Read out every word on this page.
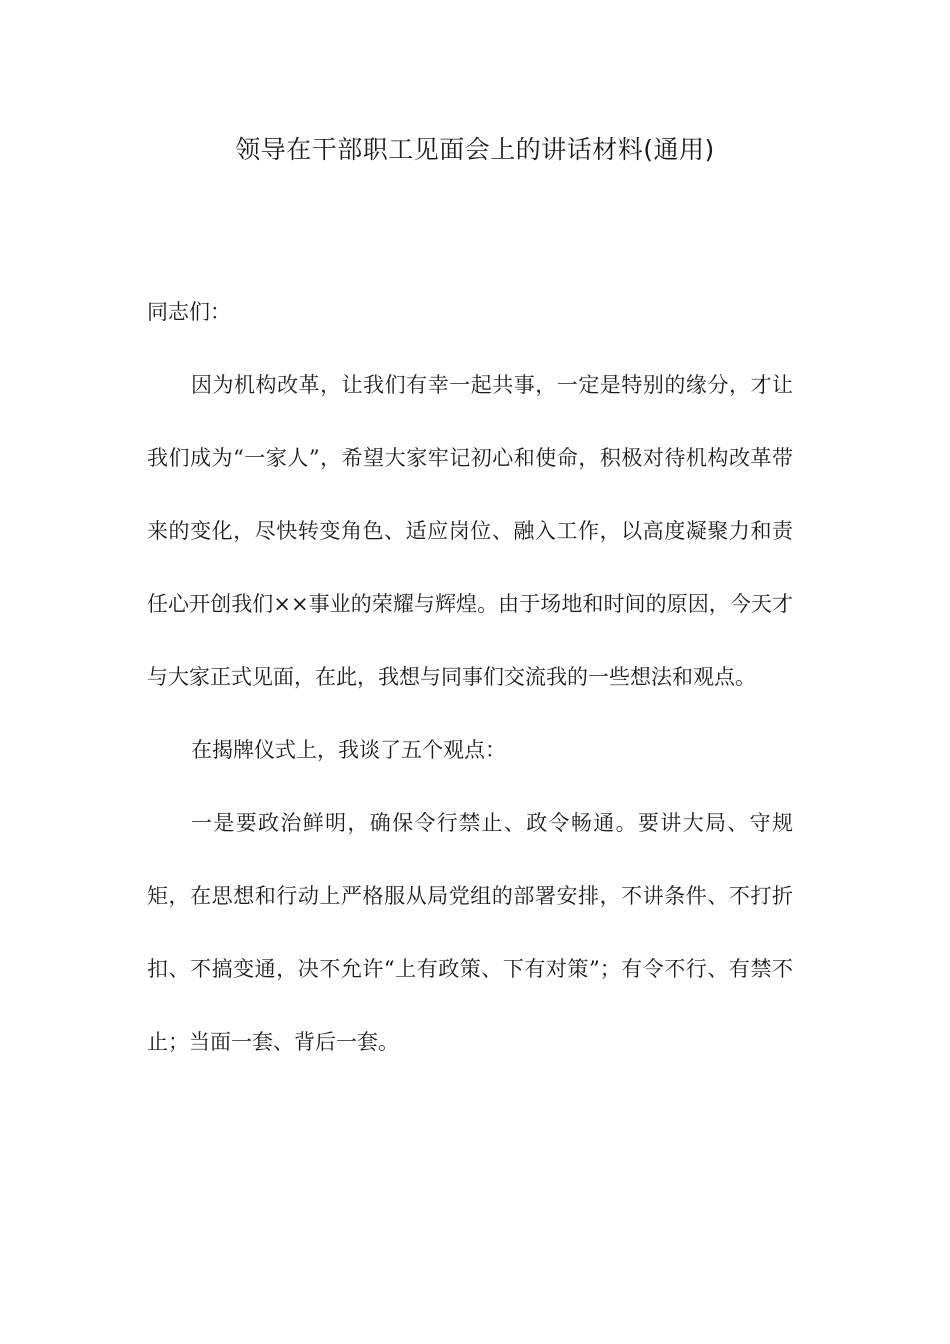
领导在干部职工见面会上的讲话材料(通用)

同志们：

因为机构改革，让我们有幸一起共事，一定是特别的缘分，才让我们成为“一家人”，希望大家牢记初心和使命，积极对待机构改革带来的变化，尽快转变角色、适应岗位、融入工作，以高度凝聚力和责任心开创我们××事业的荣耀与辉煌。由于场地和时间的原因，今天才与大家正式见面，在此，我想与同事们交流我的一些想法和观点。

在揭牌仪式上，我谈了五个观点：

一是要政治鲜明，确保令行禁止、政令畅通。要讲大局、守规矩，在思想和行动上严格服从局党组的部署安排，不讲条件、不打折扣、不搞变通，决不允许“上有政策、下有对策”；有令不行、有禁不止；当面一套、背后一套。
